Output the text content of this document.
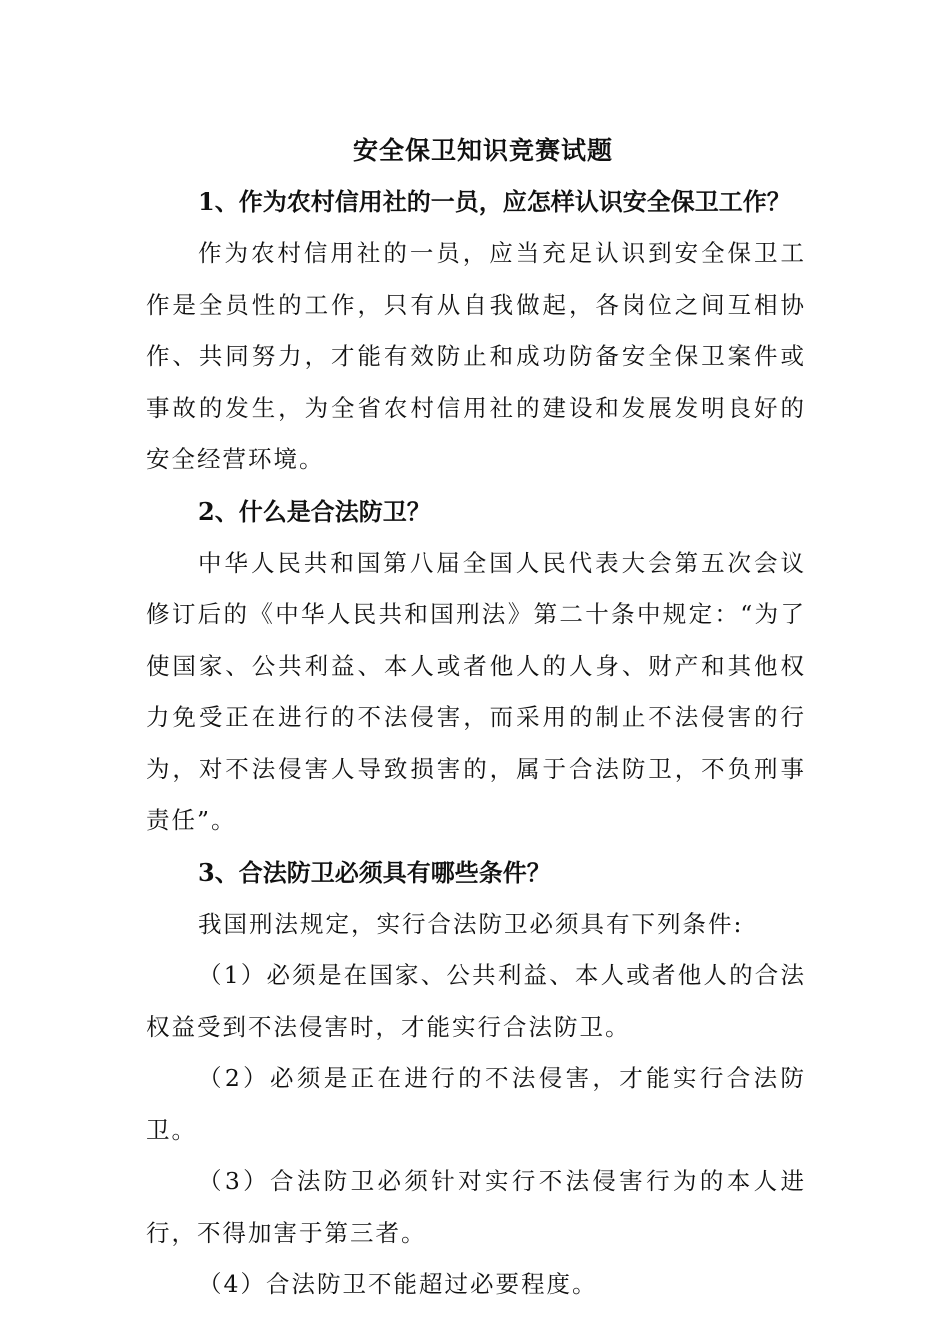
安全保卫知识竞赛试题

1、作为农村信用社的一员，应怎样认识安全保卫工作？

作为农村信用社的一员，应当充足认识到安全保卫工作是全员性的工作，只有从自我做起，各岗位之间互相协作、共同努力，才能有效防止和成功防备安全保卫案件或事故的发生，为全省农村信用社的建设和发展发明良好的安全经营环境。

2、什么是合法防卫？

中华人民共和国第八届全国人民代表大会第五次会议修订后的《中华人民共和国刑法》第二十条中规定：“为了使国家、公共利益、本人或者他人的人身、财产和其他权力免受正在进行的不法侵害，而采用的制止不法侵害的行为，对不法侵害人导致损害的，属于合法防卫，不负刑事责任”。

3、合法防卫必须具有哪些条件？

我国刑法规定，实行合法防卫必须具有下列条件:

（1）必须是在国家、公共利益、本人或者他人的合法权益受到不法侵害时，才能实行合法防卫。

（2）必须是正在进行的不法侵害，才能实行合法防卫。

（3）合法防卫必须针对实行不法侵害行为的本人进行，不得加害于第三者。

（4）合法防卫不能超过必要程度。
